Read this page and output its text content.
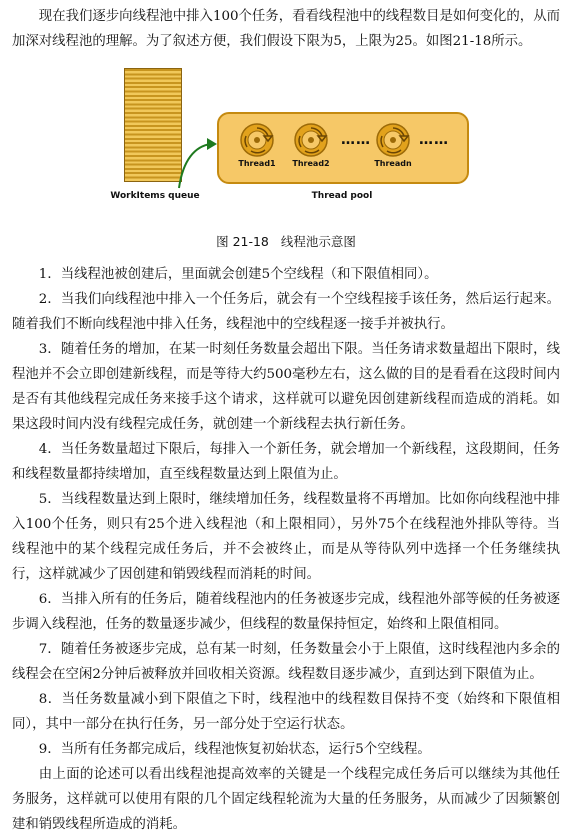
现在我们逐步向线程池中排入100个任务，看看线程池中的线程数目是如何变化的，从而加深对线程池的理解。为了叙述方便，我们假设下限为5，上限为25。如图21-18所示。

WorkItems queue
Thread1	Thread2
……
Threadn
……
Thread pool
图 21-18 线程池示意图

1．当线程池被创建后，里面就会创建5个空线程（和下限值相同）。

2．当我们向线程池中排入一个任务后，就会有一个空线程接手该任务，然后运行起来。随着我们不断向线程池中排入任务，线程池中的空线程逐一接手并被执行。

3．随着任务的增加，在某一时刻任务数量会超出下限。当任务请求数量超出下限时，线程池并不会立即创建新线程，而是等待大约500毫秒左右，这么做的目的是看看在这段时间内是否有其他线程完成任务来接手这个请求，这样就可以避免因创建新线程而造成的消耗。如果这段时间内没有线程完成任务，就创建一个新线程去执行新任务。

4．当任务数量超过下限后，每排入一个新任务，就会增加一个新线程，这段期间，任务和线程数量都持续增加，直至线程数量达到上限值为止。

5．当线程数量达到上限时，继续增加任务，线程数量将不再增加。比如你向线程池中排入100个任务，则只有25个进入线程池（和上限相同），另外75个在线程池外排队等待。当线程池中的某个线程完成任务后，并不会被终止，而是从等待队列中选择一个任务继续执行，这样就减少了因创建和销毁线程而消耗的时间。

6．当排入所有的任务后，随着线程池内的任务被逐步完成，线程池外部等候的任务被逐步调入线程池，任务的数量逐步减少，但线程的数量保持恒定，始终和上限值相同。

7．随着任务被逐步完成，总有某一时刻，任务数量会小于上限值，这时线程池内多余的线程会在空闲2分钟后被释放并回收相关资源。线程数目逐步减少，直到达到下限值为止。

8．当任务数量减小到下限值之下时，线程池中的线程数目保持不变（始终和下限值相同），其中一部分在执行任务，另一部分处于空运行状态。

9．当所有任务都完成后，线程池恢复初始状态，运行5个空线程。

由上面的论述可以看出线程池提高效率的关键是一个线程完成任务后可以继续为其他任务服务，这样就可以使用有限的几个固定线程轮流为大量的任务服务，从而减少了因频繁创建和销毁线程所造成的消耗。
